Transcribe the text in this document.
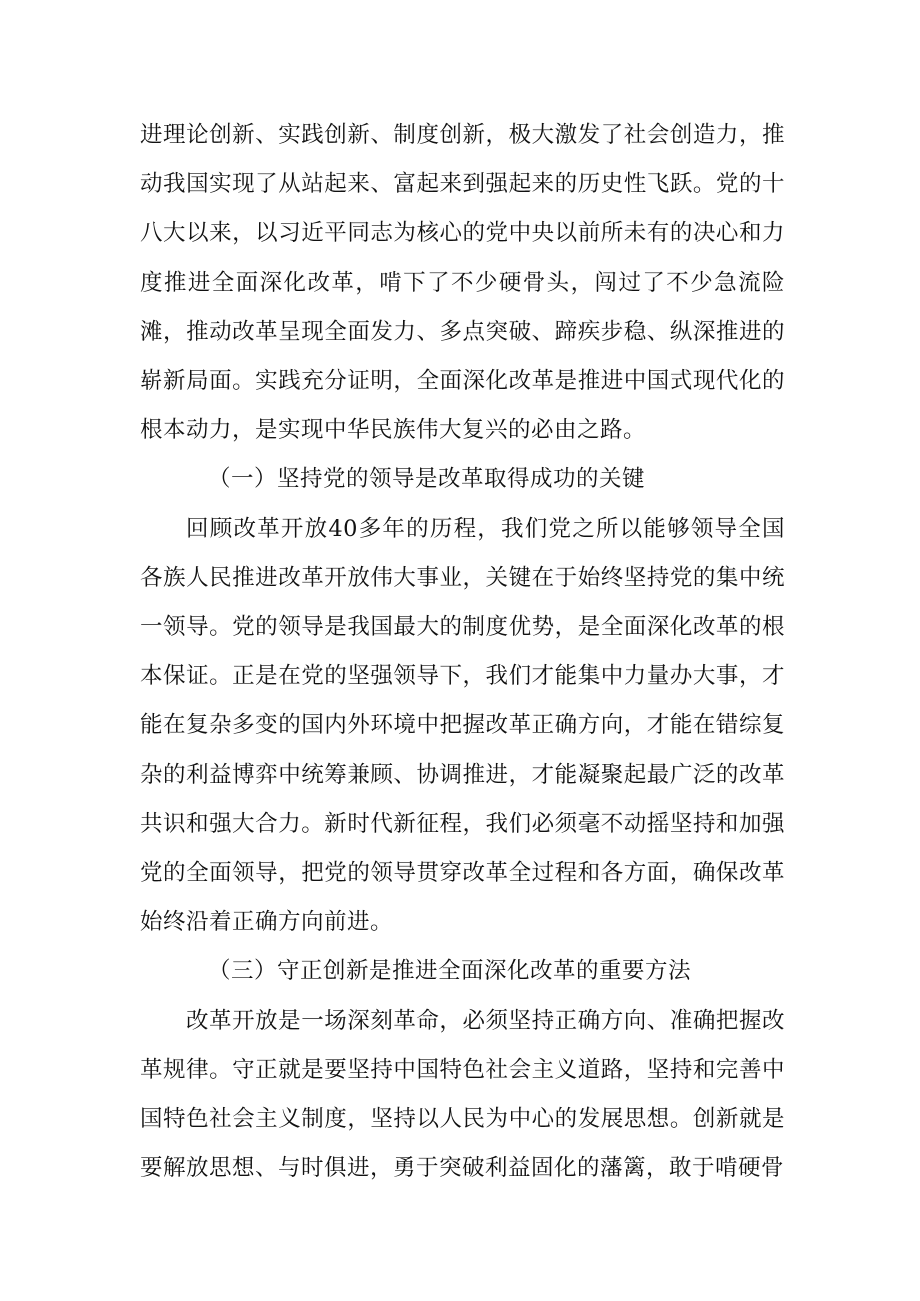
进理论创新、实践创新、制度创新，极大激发了社会创造力，推动我国实现了从站起来、富起来到强起来的历史性飞跃。党的十八大以来，以习近平同志为核心的党中央以前所未有的决心和力度推进全面深化改革，啃下了不少硬骨头，闯过了不少急流险滩，推动改革呈现全面发力、多点突破、蹄疾步稳、纵深推进的崭新局面。实践充分证明，全面深化改革是推进中国式现代化的根本动力，是实现中华民族伟大复兴的必由之路。

（一）坚持党的领导是改革取得成功的关键

回顾改革开放40多年的历程，我们党之所以能够领导全国各族人民推进改革开放伟大事业，关键在于始终坚持党的集中统一领导。党的领导是我国最大的制度优势，是全面深化改革的根本保证。正是在党的坚强领导下，我们才能集中力量办大事，才能在复杂多变的国内外环境中把握改革正确方向，才能在错综复杂的利益博弈中统筹兼顾、协调推进，才能凝聚起最广泛的改革共识和强大合力。新时代新征程，我们必须毫不动摇坚持和加强党的全面领导，把党的领导贯穿改革全过程和各方面，确保改革始终沿着正确方向前进。

（三）守正创新是推进全面深化改革的重要方法

改革开放是一场深刻革命，必须坚持正确方向、准确把握改革规律。守正就是要坚持中国特色社会主义道路，坚持和完善中国特色社会主义制度，坚持以人民为中心的发展思想。创新就是要解放思想、与时俱进，勇于突破利益固化的藩篱，敢于啃硬骨
